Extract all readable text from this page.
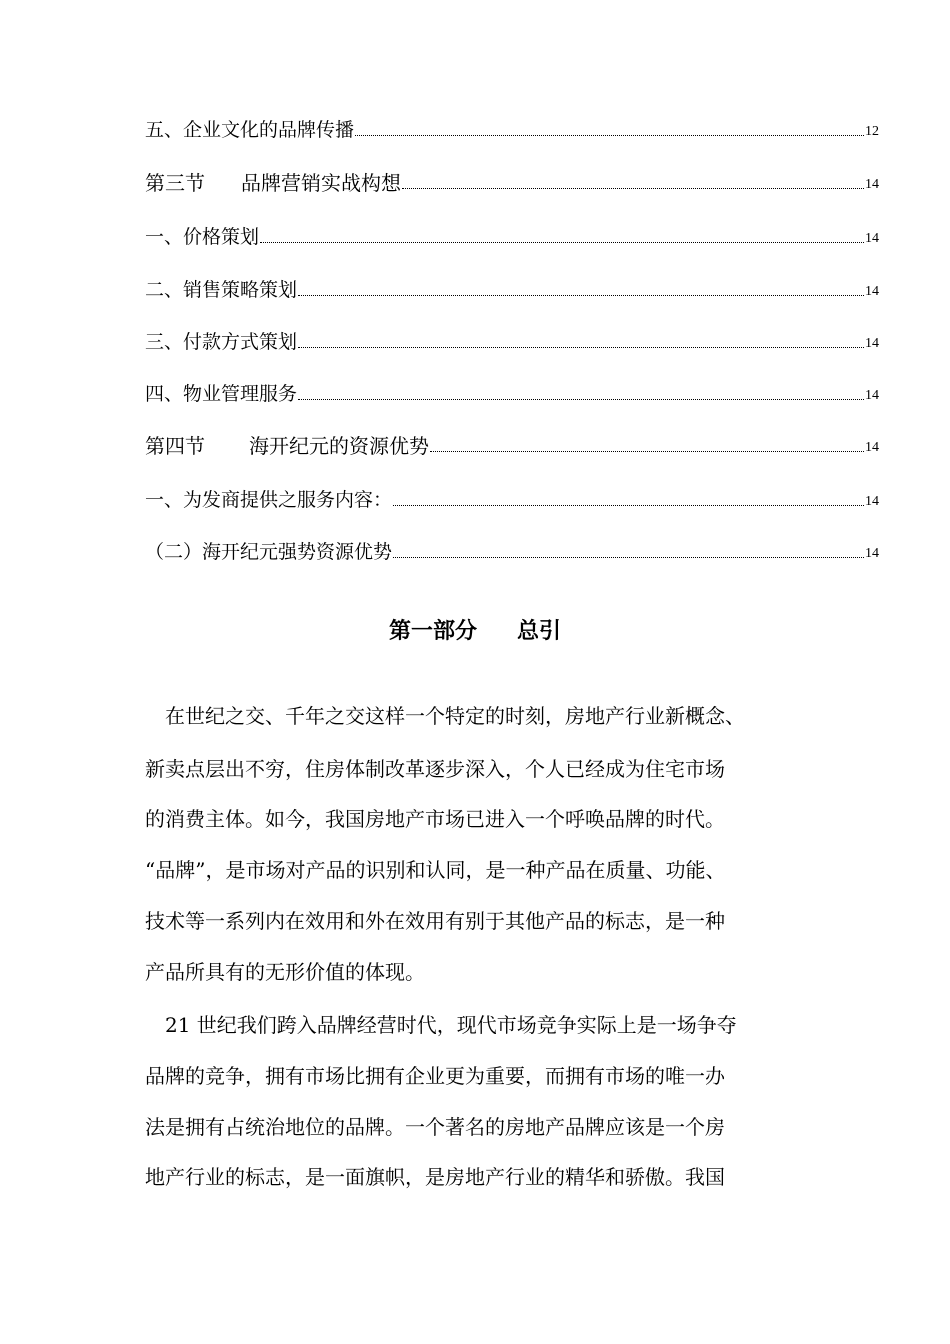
五、企业文化的品牌传播	12
第三节 品牌营销实战构想	14
一、价格策划	14
二、销售策略策划	14
三、付款方式策划	14
四、物业管理服务	14
第四节 海开纪元的资源优势	14
一、为发商提供之服务内容：	14
（二）海开纪元强势资源优势	14
第一部分 总引
　在世纪之交、千年之交这样一个特定的时刻，房地产行业新概念、
新卖点层出不穷，住房体制改革逐步深入，个人已经成为住宅市场
的消费主体。如今，我国房地产市场已进入一个呼唤品牌的时代。
“品牌”，是市场对产品的识别和认同，是一种产品在质量、功能、
技术等一系列内在效用和外在效用有别于其他产品的标志，是一种
产品所具有的无形价值的体现。
　21 世纪我们跨入品牌经营时代，现代市场竞争实际上是一场争夺
品牌的竞争，拥有市场比拥有企业更为重要，而拥有市场的唯一办
法是拥有占统治地位的品牌。一个著名的房地产品牌应该是一个房
地产行业的标志，是一面旗帜，是房地产行业的精华和骄傲。我国
